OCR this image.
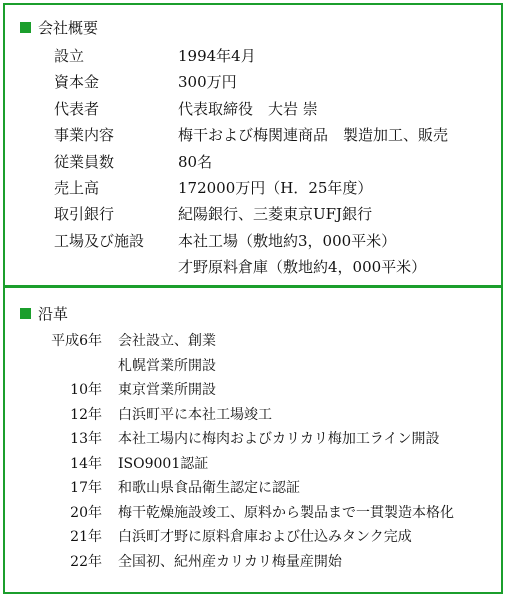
会社概要
設立	1994年4月
資本金	300万円
代表者	代表取締役　大岩 崇
事業内容	梅干および梅関連商品　製造加工、販売
従業員数	80名
売上高	172000万円（H．25年度）
取引銀行	紀陽銀行、三菱東京UFJ銀行
工場及び施設 本社工場（敷地約3，000平米）
才野原料倉庫（敷地約4，000平米）
沿革
平成6年 会社設立、創業
札幌営業所開設
10年 東京営業所開設
12年 白浜町平に本社工場竣工
13年 本社工場内に梅肉およびカリカリ梅加工ライン開設
14年 ISO9001認証
17年 和歌山県食品衛生認定に認証
20年 梅干乾燥施設竣工、原料から製品まで一貫製造本格化
21年 白浜町才野に原料倉庫および仕込みタンク完成
22年 全国初、紀州産カリカリ梅量産開始
